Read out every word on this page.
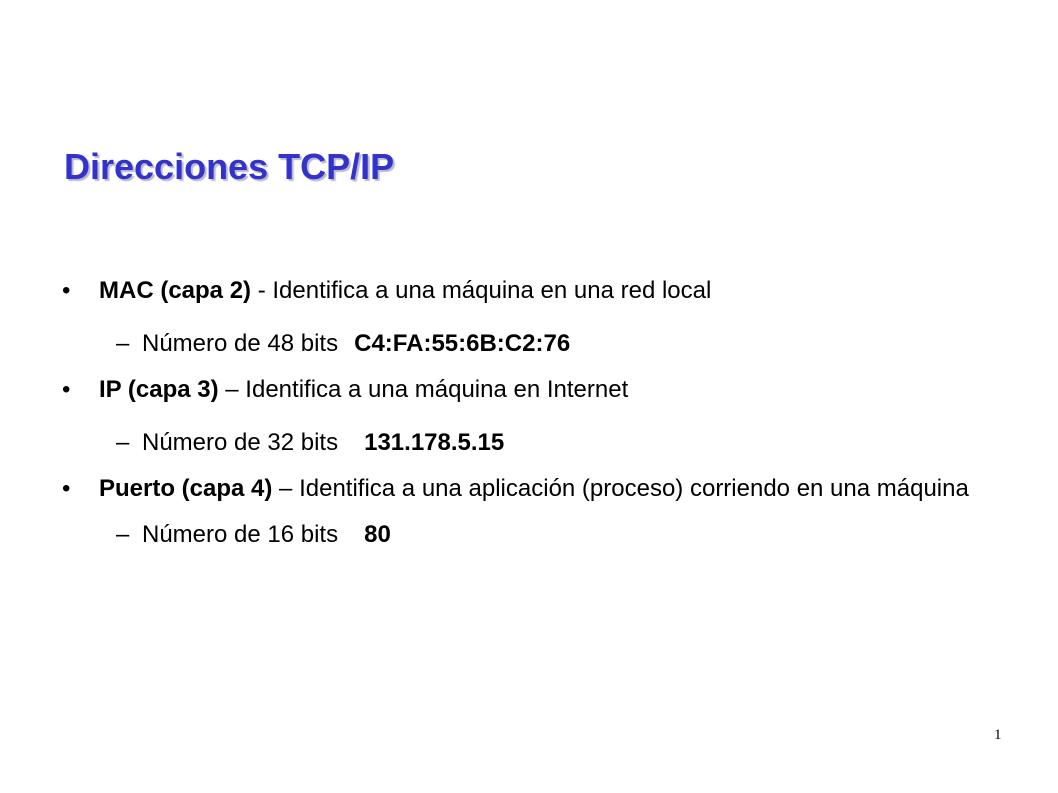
Direcciones TCP/IP
• MAC (capa 2) - Identifica a una máquina en una red local
– Número de 48 bits C4:FA:55:6B:C2:76
• IP (capa 3) – Identifica a una máquina en Internet
– Número de 32 bits 131.178.5.15
• Puerto (capa 4) – Identifica a una aplicación (proceso) corriendo en una máquina
– Número de 16 bits 80
1
